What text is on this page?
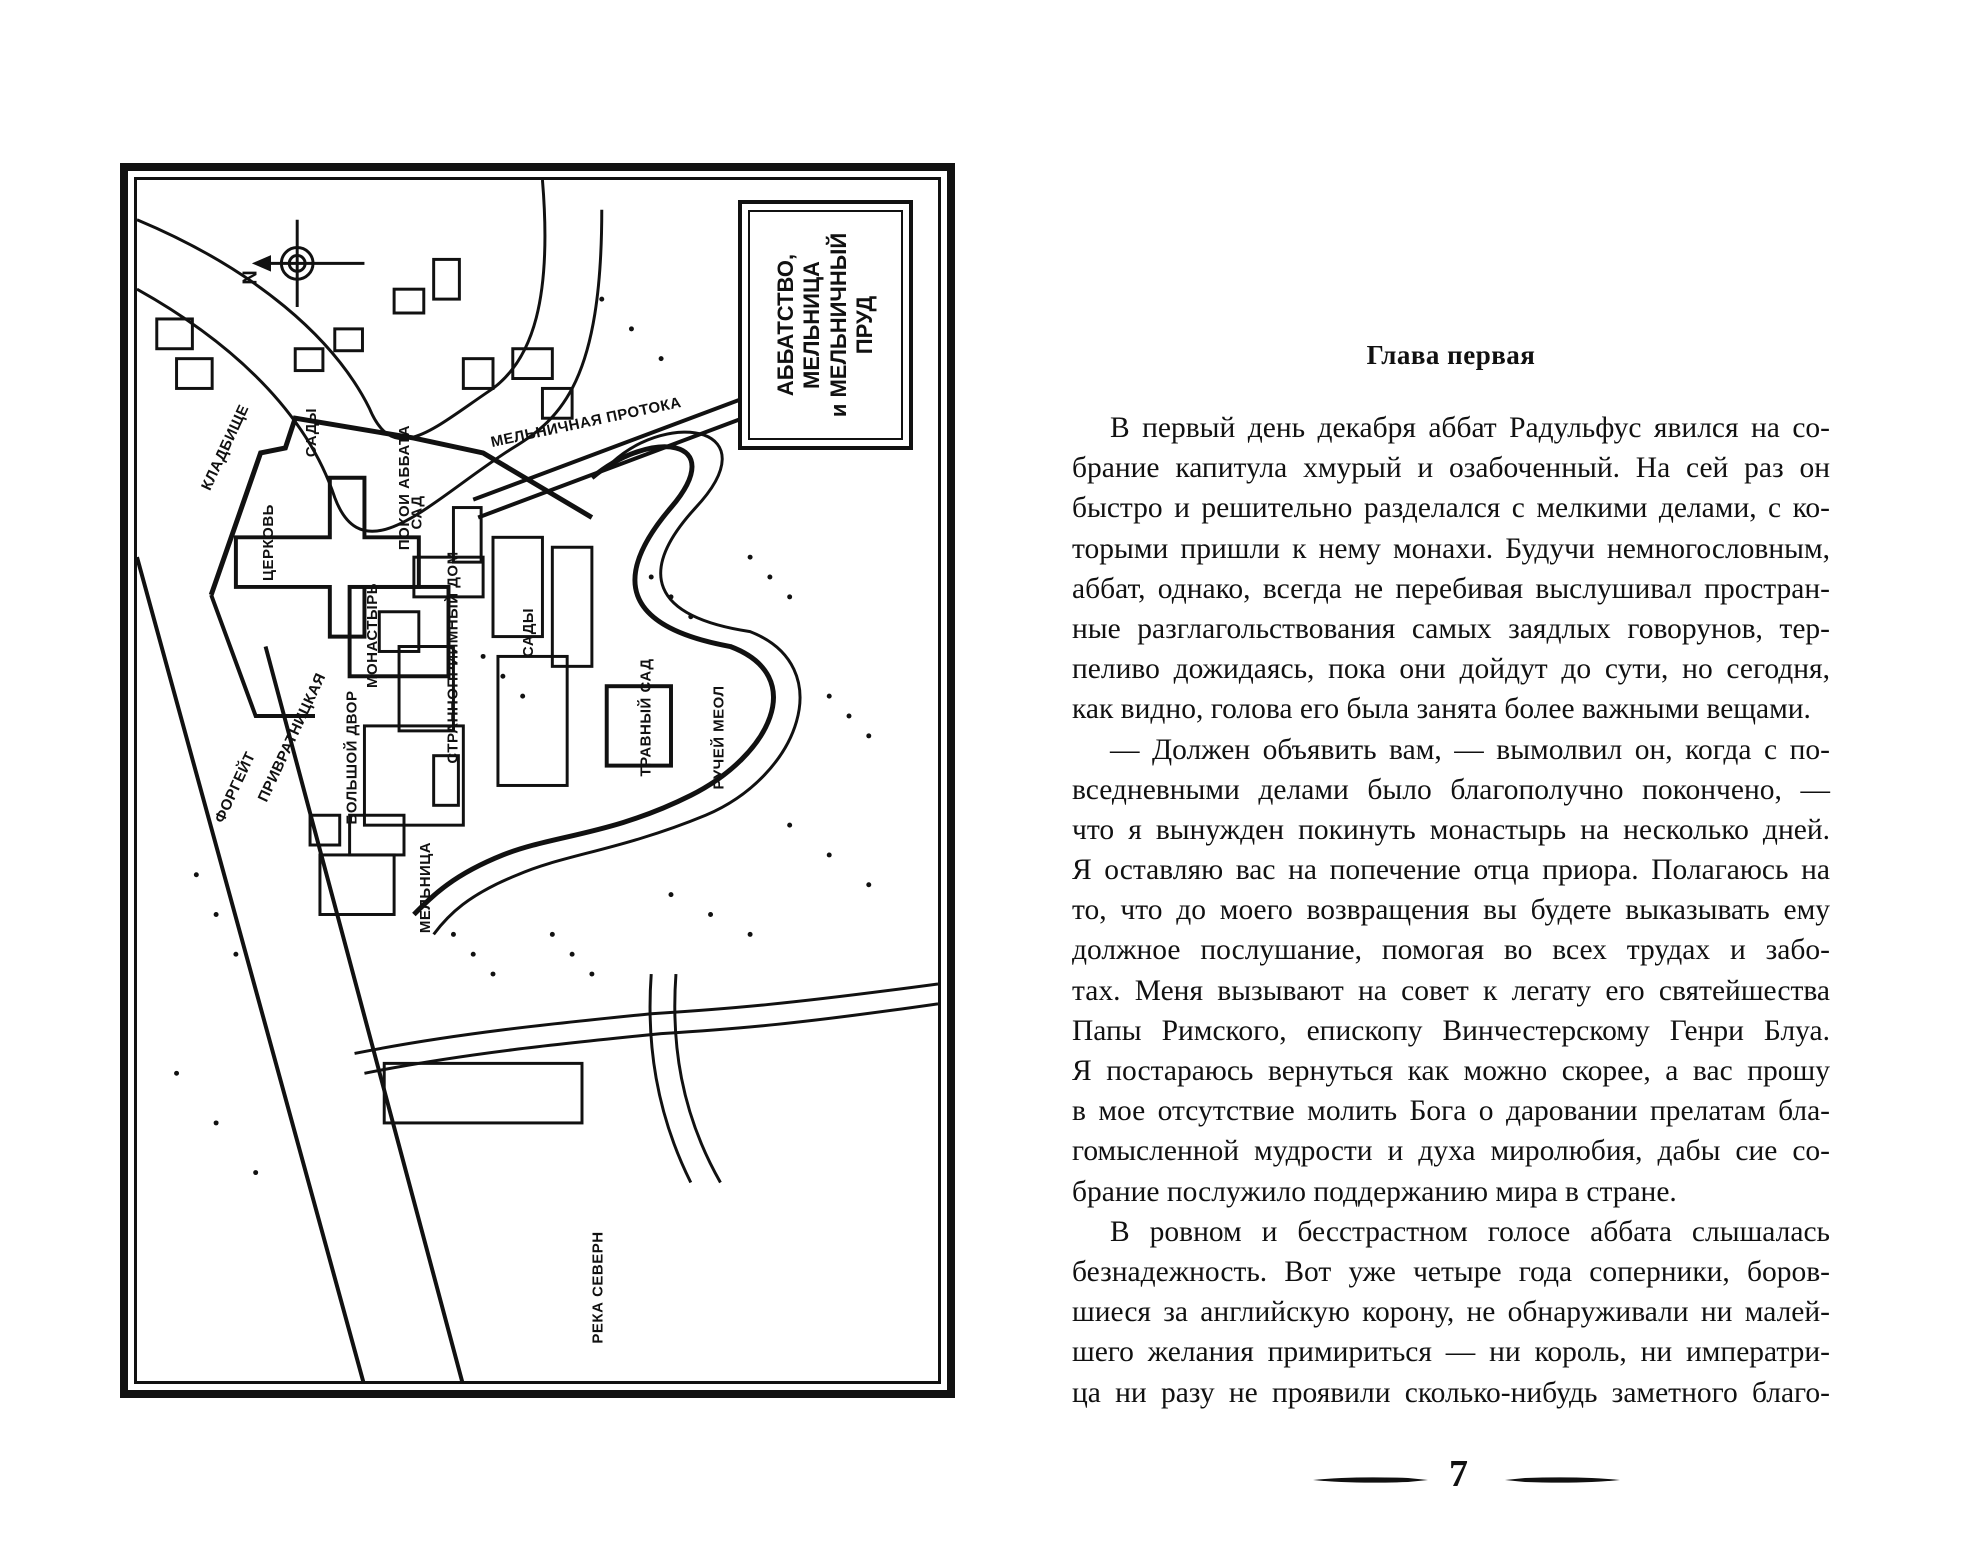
N	АББАТСТВО, МЕЛЬНИЦА и МЕЛЬНИЧНЫЙ ПРУД
КЛАДБИЩЕ	САДЫ	ПОКОИ АББАТА
САД
ЦЕРКОВЬ
МОНАСТЫРЬ	СТРАННОПРИИМНЫЙ ДОМ	САДЫ
ТРАВНЫЙ САД
МЕЛЬНИЧНАЯ ПРОТОКА
ПРИВРАТНИЦКАЯ БОЛЬШОЙ ДВОР
ФОРГЕЙТ
МЕЛЬНИЦА
РУЧЕЙ МЕОЛ
РЕКА СЕВЕРН
Глава первая
В первый день декабря аббат Радульфус явился на со-
брание капитула хмурый и озабоченный. На сей раз он
быстро и решительно разделался с мелкими делами, с ко-
торыми пришли к нему монахи. Будучи немногословным,
аббат, однако, всегда не перебивая выслушивал простран-
ные разглагольствования самых заядлых говорунов, тер-
пеливо дожидаясь, пока они дойдут до сути, но сегодня,
как видно, голова его была занята более важными вещами.
— Должен объявить вам, — вымолвил он, когда с по-
вседневными делами было благополучно покончено, —
что я вынужден покинуть монастырь на несколько дней.
Я оставляю вас на попечение отца приора. Полагаюсь на
то, что до моего возвращения вы будете выказывать ему
должное послушание, помогая во всех трудах и забо-
тах. Меня вызывают на совет к легату его святейшества
Папы Римского, епископу Винчестерскому Генри Блуа.
Я постараюсь вернуться как можно скорее, а вас прошу
в мое отсутствие молить Бога о даровании прелатам бла-
гомысленной мудрости и духа миролюбия, дабы сие со-
брание послужило поддержанию мира в стране.
В ровном и бесстрастном голосе аббата слышалась
безнадежность. Вот уже четыре года соперники, боров-
шиеся за английскую корону, не обнаруживали ни малей-
шего желания примириться — ни король, ни императри-
ца ни разу не проявили сколько-нибудь заметного благо-
7
